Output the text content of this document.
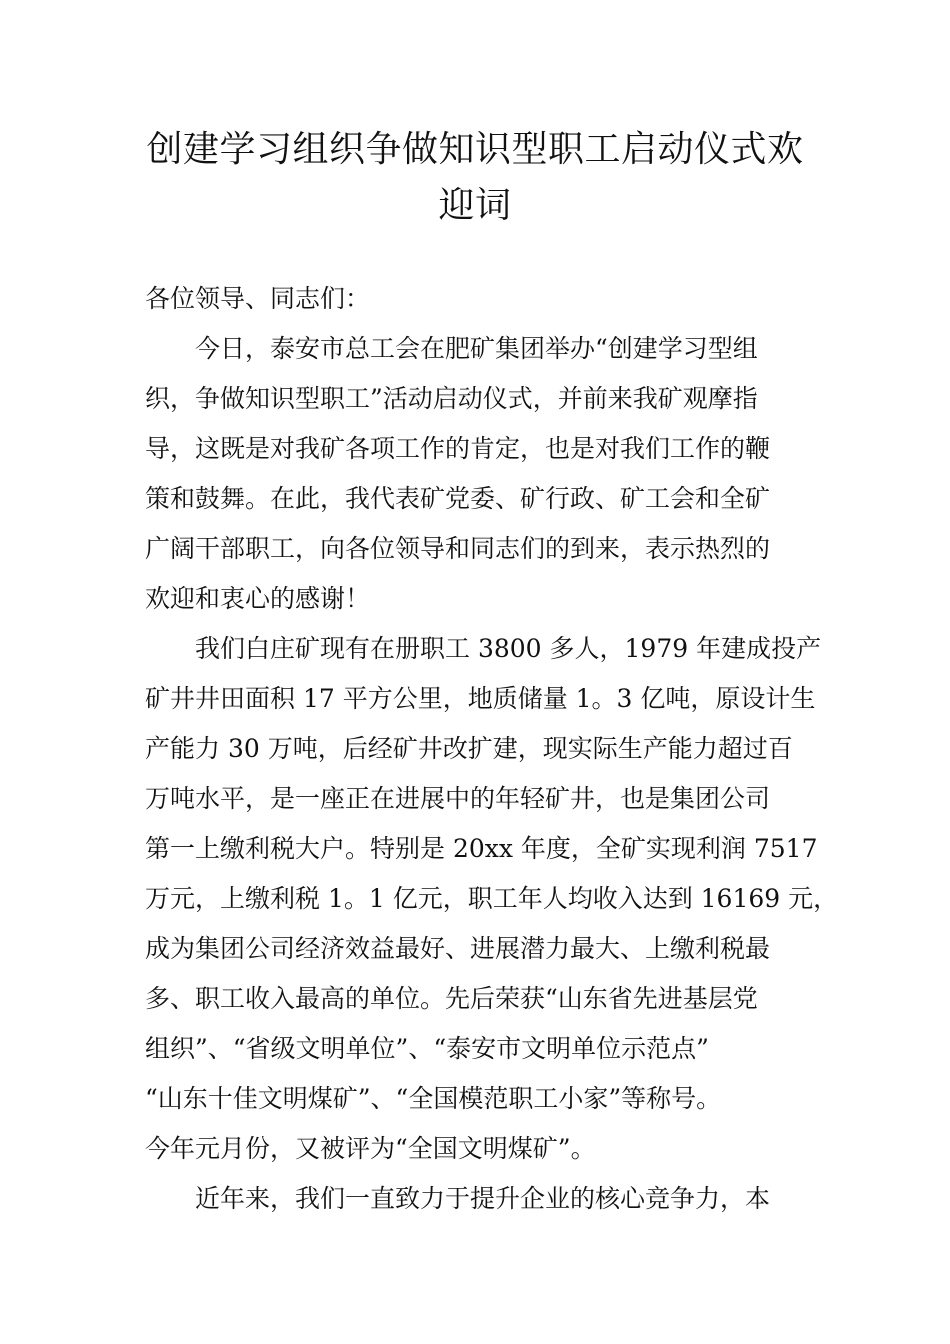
创建学习组织争做知识型职工启动仪式欢
迎词
各位领导、同志们：
今日，泰安市总工会在肥矿集团举办“创建学习型组
织，争做知识型职工”活动启动仪式，并前来我矿观摩指
导，这既是对我矿各项工作的肯定，也是对我们工作的鞭
策和鼓舞。在此，我代表矿党委、矿行政、矿工会和全矿
广阔干部职工，向各位领导和同志们的到来，表示热烈的
欢迎和衷心的感谢！
我们白庄矿现有在册职工 3800 多人，1979 年建成投产
矿井井田面积 17 平方公里，地质储量 1。3 亿吨，原设计生
产能力 30 万吨，后经矿井改扩建，现实际生产能力超过百
万吨水平，是一座正在进展中的年轻矿井，也是集团公司
第一上缴利税大户。特别是 20xx 年度，全矿实现利润 7517
万元，上缴利税 1。1 亿元，职工年人均收入达到 16169 元，
成为集团公司经济效益最好、进展潜力最大、上缴利税最
多、职工收入最高的单位。先后荣获“山东省先进基层党
组织”、“省级文明单位”、“泰安市文明单位示范点”
“山东十佳文明煤矿”、“全国模范职工小家”等称号。
今年元月份，又被评为“全国文明煤矿”。
近年来，我们一直致力于提升企业的核心竞争力，本
